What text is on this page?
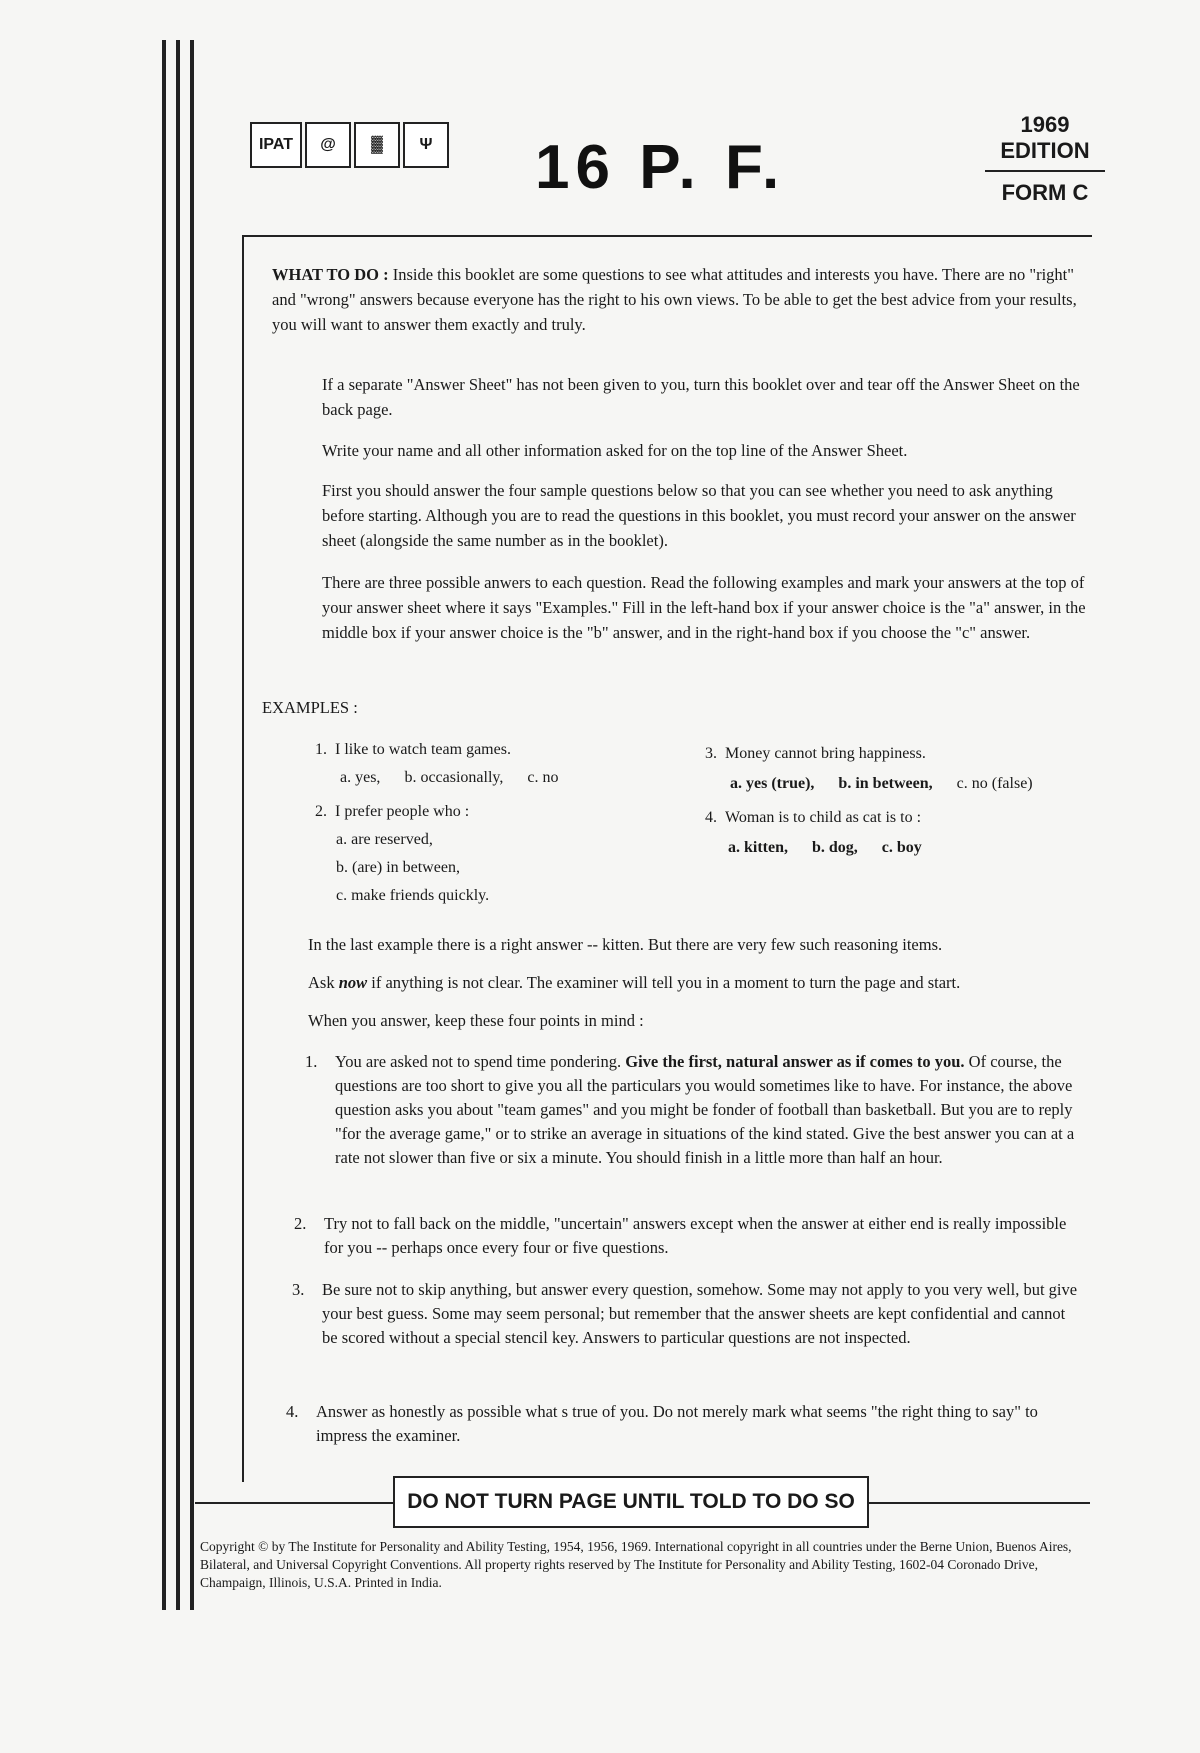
IPAT	@	▓	Ψ 16 P. F.
1969 EDITION
FORM C
WHAT TO DO : Inside this booklet are some questions to see what attitudes and interests you have. There are no "right" and "wrong" answers because everyone has the right to his own views. To be able to get the best advice from your results, you will want to answer them exactly and truly.
If a separate "Answer Sheet" has not been given to you, turn this booklet over and tear off the Answer Sheet on the back page.
Write your name and all other information asked for on the top line of the Answer Sheet.
First you should answer the four sample questions below so that you can see whether you need to ask anything before starting. Although you are to read the questions in this booklet, you must record your answer on the answer sheet (alongside the same number as in the booklet).
There are three possible anwers to each question. Read the following examples and mark your answers at the top of your answer sheet where it says "Examples." Fill in the left-hand box if your answer choice is the "a" answer, in the middle box if your answer choice is the "b" answer, and in the right-hand box if you choose the "c" answer.
EXAMPLES :
1. I like to watch team games.
a. yes, b. occasionally, c. no
2. I prefer people who :
a. are reserved,
b. (are) in between,
c. make friends quickly.
3. Money cannot bring happiness.
a. yes (true), b. in between, c. no (false)
4. Woman is to child as cat is to :
a. kitten, b. dog, c. boy
In the last example there is a right answer -- kitten. But there are very few such reasoning items.
Ask now if anything is not clear. The examiner will tell you in a moment to turn the page and start.
When you answer, keep these four points in mind :
1. You are asked not to spend time pondering. Give the first, natural answer as if comes to you. Of course, the questions are too short to give you all the particulars you would sometimes like to have. For instance, the above question asks you about "team games" and you might be fonder of football than basketball. But you are to reply "for the average game," or to strike an average in situations of the kind stated. Give the best answer you can at a rate not slower than five or six a minute. You should finish in a little more than half an hour.
2. Try not to fall back on the middle, "uncertain" answers except when the answer at either end is really impossible for you -- perhaps once every four or five questions.
3. Be sure not to skip anything, but answer every question, somehow. Some may not apply to you very well, but give your best guess. Some may seem personal; but remember that the answer sheets are kept confidential and cannot be scored without a special stencil key. Answers to particular questions are not inspected.
4. Answer as honestly as possible what s true of you. Do not merely mark what seems "the right thing to say" to impress the examiner.
DO NOT TURN PAGE UNTIL TOLD TO DO SO
Copyright © by The Institute for Personality and Ability Testing, 1954, 1956, 1969. International copyright in all countries under the Berne Union, Buenos Aires, Bilateral, and Universal Copyright Conventions. All property rights reserved by The Institute for Personality and Ability Testing, 1602-04 Coronado Drive, Champaign, Illinois, U.S.A. Printed in India.
